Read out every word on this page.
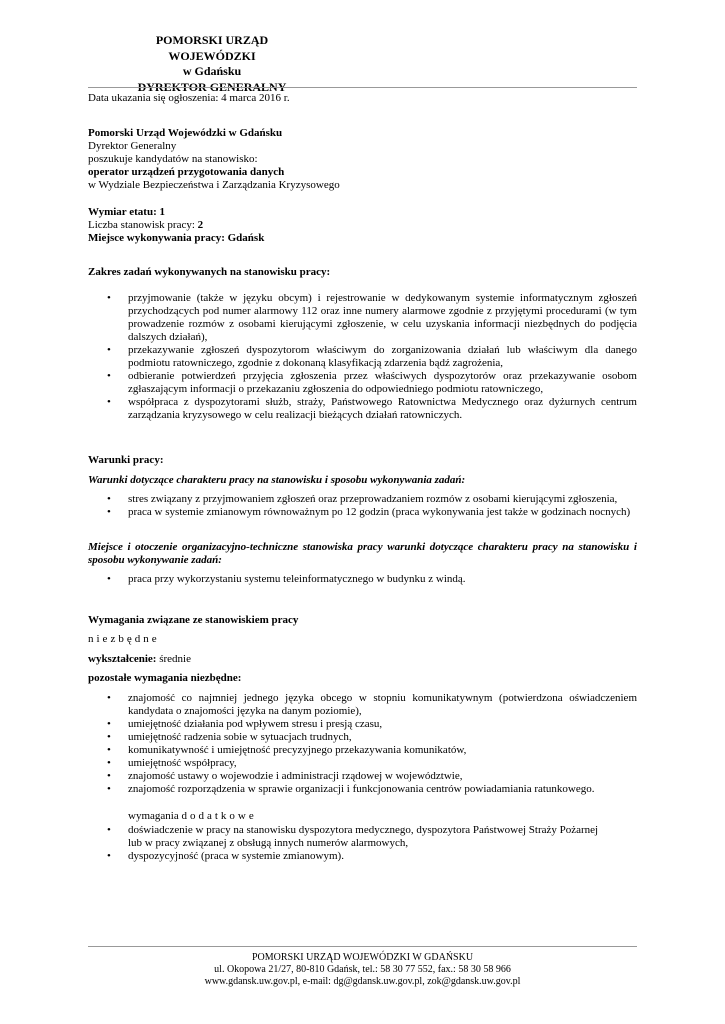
POMORSKI URZĄD WOJEWÓDZKI
w Gdańsku
DYREKTOR GENERALNY
Data ukazania się ogłoszenia: 4 marca 2016 r.
Pomorski Urząd Wojewódzki w Gdańsku
Dyrektor Generalny
poszukuje kandydatów na stanowisko:
operator urządzeń przygotowania danych
w Wydziale Bezpieczeństwa i Zarządzania Kryzysowego
Wymiar etatu: 1
Liczba stanowisk pracy: 2
Miejsce wykonywania pracy: Gdańsk
Zakres zadań wykonywanych na stanowisku pracy:
• przyjmowanie (także w języku obcym) i rejestrowanie w dedykowanym systemie informatycznym zgłoszeń przychodzących pod numer alarmowy 112 oraz inne numery alarmowe zgodnie z przyjętymi procedurami (w tym prowadzenie rozmów z osobami kierującymi zgłoszenie, w celu uzyskania informacji niezbędnych do podjęcia dalszych działań),
• przekazywanie zgłoszeń dyspozytorom właściwym do zorganizowania działań lub właściwym dla danego podmiotu ratowniczego, zgodnie z dokonaną klasyfikacją zdarzenia bądź zagrożenia,
• odbieranie potwierdzeń przyjęcia zgłoszenia przez właściwych dyspozytorów oraz przekazywanie osobom zgłaszającym informacji o przekazaniu zgłoszenia do odpowiedniego podmiotu ratowniczego,
• współpraca z dyspozytorami służb, straży, Państwowego Ratownictwa Medycznego oraz dyżurnych centrum zarządzania kryzysowego w celu realizacji bieżących działań ratowniczych.
Warunki pracy:
Warunki dotyczące charakteru pracy na stanowisku i sposobu wykonywania zadań:
• stres związany z przyjmowaniem zgłoszeń oraz przeprowadzaniem rozmów z osobami kierującymi zgłoszenia,
• praca w systemie zmianowym równoważnym po 12 godzin (praca wykonywania jest także w godzinach nocnych)
Miejsce i otoczenie organizacyjno-techniczne stanowiska pracy warunki dotyczące charakteru pracy na stanowisku i sposobu wykonywanie zadań:
• praca przy wykorzystaniu systemu teleinformatycznego w budynku z windą.
Wymagania związane ze stanowiskiem pracy
niezbędne
wykształcenie: średnie
pozostałe wymagania niezbędne:
• znajomość co najmniej jednego języka obcego w stopniu komunikatywnym (potwierdzona oświadczeniem kandydata o znajomości języka na danym poziomie),
• umiejętność działania pod wpływem stresu i presją czasu,
• umiejętność radzenia sobie w sytuacjach trudnych,
• komunikatywność i umiejętność precyzyjnego przekazywania komunikatów,
• umiejętność współpracy,
• znajomość ustawy o wojewodzie i administracji rządowej w województwie,
• znajomość rozporządzenia w sprawie organizacji i funkcjonowania centrów powiadamiania ratunkowego.
wymagania dodatkowe
• doświadczenie w pracy na stanowisku dyspozytora medycznego, dyspozytora Państwowej Straży Pożarnej lub w pracy związanej z obsługą innych numerów alarmowych,
• dyspozycyjność (praca w systemie zmianowym).
POMORSKI URZĄD WOJEWÓDZKI W GDAŃSKU
ul. Okopowa 21/27, 80-810 Gdańsk, tel.: 58 30 77 552, fax.: 58 30 58 966
www.gdansk.uw.gov.pl, e-mail: dg@gdansk.uw.gov.pl, zok@gdansk.uw.gov.pl
